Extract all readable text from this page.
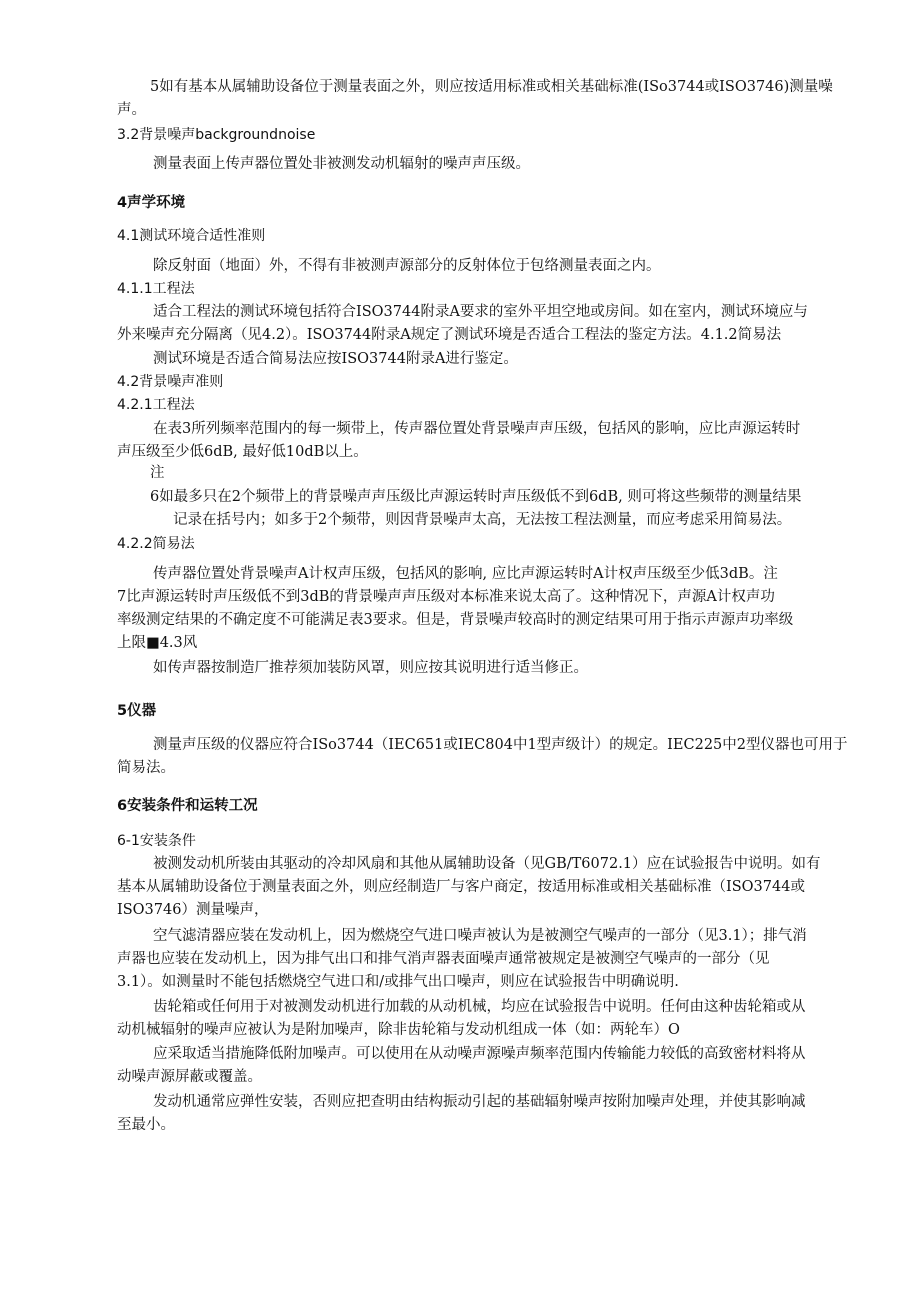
5如有基本从属辅助设备位于测量表面之外，则应按适用标准或相关基础标准(ISo3744或ISO3746)测量噪
声。
3.2背景噪声backgroundnoise
测量表面上传声器位置处非被测发动机辐射的噪声声压级。
4声学环境
4.1测试环境合适性准则
除反射面（地面）外，不得有非被测声源部分的反射体位于包络测量表面之内。
4.1.1工程法
适合工程法的测试环境包括符合ISO3744附录A要求的室外平坦空地或房间。如在室内，测试环境应与
外来噪声充分隔离（见4.2）。ISO3744附录A规定了测试环境是否适合工程法的鉴定方法。4.1.2简易法
测试环境是否适合简易法应按ISO3744附录A进行鉴定。
4.2背景噪声准则
4.2.1工程法
在表3所列频率范围内的每一频带上，传声器位置处背景噪声声压级，包括风的影响，应比声源运转时
声压级至少低6dB, 最好低10dB以上。
注
6如最多只在2个频带上的背景噪声声压级比声源运转时声压级低不到6dB, 则可将这些频带的测量结果
记录在括号内；如多于2个频带，则因背景噪声太高，无法按工程法测量，而应考虑采用简易法。
4.2.2简易法
传声器位置处背景噪声A计权声压级，包括风的影响, 应比声源运转时A计权声压级至少低3dB。注
7比声源运转时声压级低不到3dB的背景噪声声压级对本标准来说太高了。这种情况下，声源A计权声功
率级测定结果的不确定度不可能满足表3要求。但是，背景噪声较高时的测定结果可用于指示声源声功率级
上限■4.3风
如传声器按制造厂推荐须加装防风罩，则应按其说明进行适当修正。
5仪器
测量声压级的仪器应符合ISo3744（IEC651或IEC804中1型声级计）的规定。IEC225中2型仪器也可用于
简易法。
6安装条件和运转工况
6-1安装条件
被测发动机所装由其驱动的冷却风扇和其他从属辅助设备（见GB/T6072.1）应在试验报告中说明。如有
基本从属辅助设备位于测量表面之外，则应经制造厂与客户商定，按适用标准或相关基础标准（ISO3744或
ISO3746）测量噪声，
空气滤清器应装在发动机上，因为燃烧空气进口噪声被认为是被测空气噪声的一部分（见3.1）；排气消
声器也应装在发动机上，因为排气出口和排气消声器表面噪声通常被规定是被测空气噪声的一部分（见
3.1）。如测量时不能包括燃烧空气进口和/或排气出口噪声，则应在试验报告中明确说明.
齿轮箱或任何用于对被测发动机进行加载的从动机械，均应在试验报告中说明。任何由这种齿轮箱或从
动机械辐射的噪声应被认为是附加噪声，除非齿轮箱与发动机组成一体（如：两轮车）O
应采取适当措施降低附加噪声。可以使用在从动噪声源噪声频率范围内传输能力较低的高致密材料将从
动噪声源屏蔽或覆盖。
发动机通常应弹性安装，否则应把查明由结构振动引起的基础辐射噪声按附加噪声处理，并使其影响减
至最小。
